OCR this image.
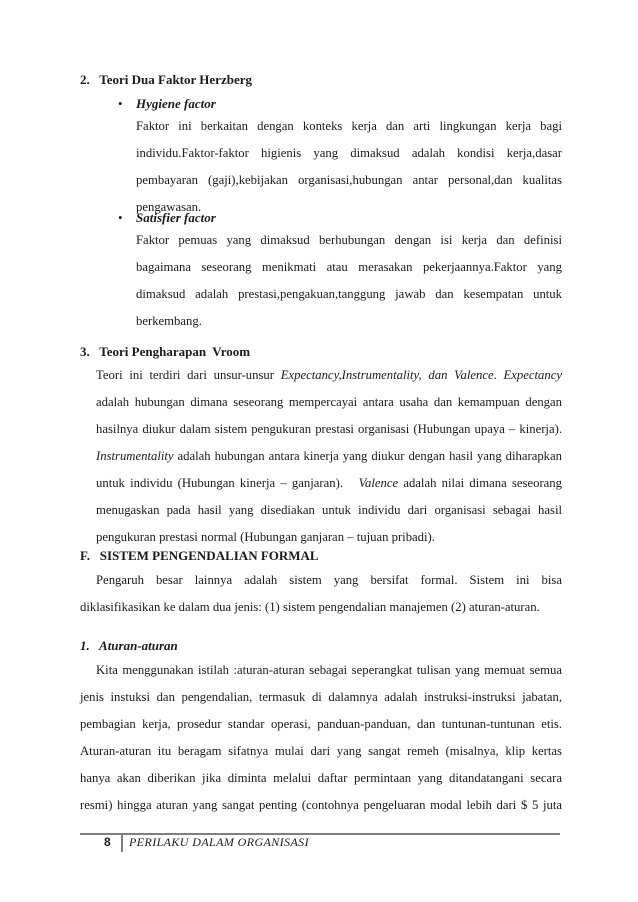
2.   Teori Dua Faktor Herzberg
• Hygiene factor
Faktor ini berkaitan dengan konteks kerja dan arti lingkungan kerja bagi
individu.Faktor-faktor higienis yang dimaksud adalah kondisi kerja,dasar
pembayaran (gaji),kebijakan organisasi,hubungan antar personal,dan kualitas
pengawasan.
• Satisfier factor
Faktor pemuas yang dimaksud berhubungan dengan isi kerja dan definisi
bagaimana seseorang menikmati atau merasakan pekerjaannya.Faktor yang
dimaksud adalah prestasi,pengakuan,tanggung jawab dan kesempatan untuk
berkembang.
3.   Teori Pengharapan  Vroom
Teori ini terdiri dari unsur-unsur Expectancy,Instrumentality, dan Valence. Expectancy
adalah hubungan dimana seseorang mempercayai antara usaha dan kemampuan dengan
hasilnya diukur dalam sistem pengukuran prestasi organisasi (Hubungan upaya – kinerja).
Instrumentality adalah hubungan antara kinerja yang diukur dengan hasil yang diharapkan
untuk individu (Hubungan kinerja – ganjaran).   Valence adalah nilai dimana seseorang
menugaskan pada hasil yang disediakan untuk individu dari organisasi sebagai hasil
pengukuran prestasi normal (Hubungan ganjaran – tujuan pribadi).
F.   SISTEM PENGENDALIAN FORMAL
Pengaruh besar lainnya adalah sistem yang bersifat formal. Sistem ini bisa
diklasifikasikan ke dalam dua jenis: (1) sistem pengendalian manajemen (2) aturan-aturan.
1.   Aturan-aturan
Kita menggunakan istilah :aturan-aturan sebagai seperangkat tulisan yang memuat semua
jenis instuksi dan pengendalian, termasuk di dalamnya adalah instruksi-instruksi jabatan,
pembagian kerja, prosedur standar operasi, panduan-panduan, dan tuntunan-tuntunan etis.
Aturan-aturan itu beragam sifatnya mulai dari yang sangat remeh (misalnya, klip kertas
hanya akan diberikan jika diminta melalui daftar permintaan yang ditandatangani secara
resmi) hingga aturan yang sangat penting (contohnya pengeluaran modal lebih dari $ 5 juta
8 PERILAKU DALAM ORGANISASI
